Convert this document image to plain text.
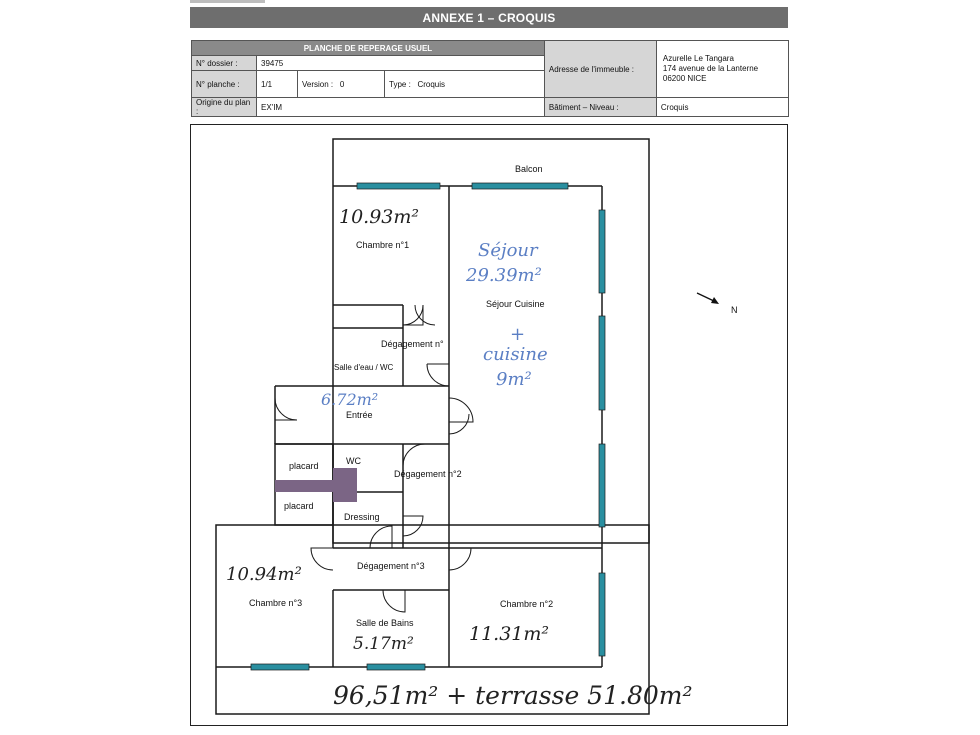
ANNEXE 1 – CROQUIS
PLANCHE DE REPERAGE USUEL				Adresse de l'immeuble :	Azurelle Le Tangara
174 avenue de la Lanterne
06200 NICE

N° dossier :	39475				
N° planche :	1/1	Version : 0	Type : Croquis		
Origine du plan :	EX'IM			Bâtiment – Niveau :	Croquis
Balcon
Chambre n°1
Séjour Cuisine
Dégagement n°
Salle d'eau / WC
Entrée
placard	WC
Dégagement n°2
placard
Dressing
Dégagement n°3
Chambre n°3
Salle de Bains
Chambre n°2
10.93m²
Séjour
29.39m²
+
cuisine
9m²
6.72m²
10.94m²
5.17m²	11.31m²
96,51m² + terrasse 51.80m²
N
